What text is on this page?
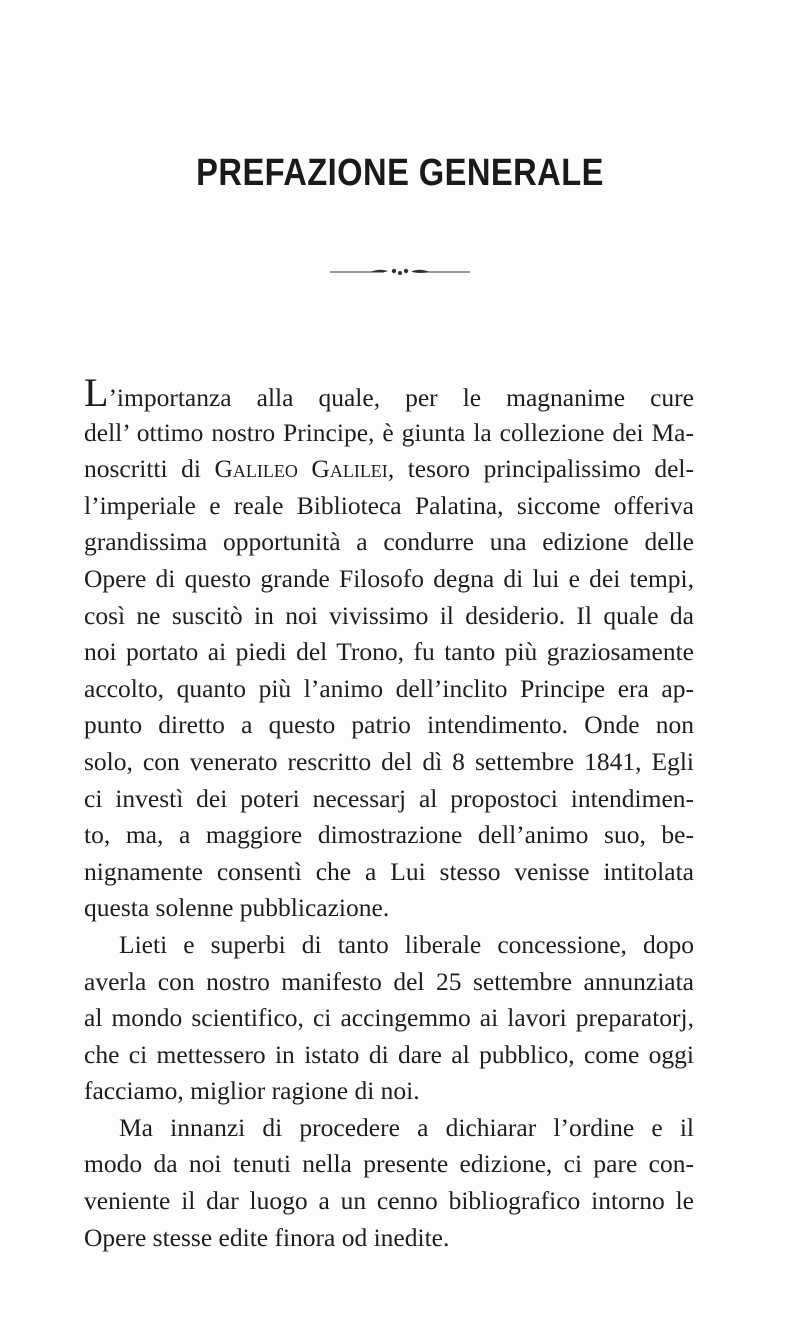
PREFAZIONE GENERALE
L’importanza alla quale, per le magnanime cure
dell’ ottimo nostro Principe, è giunta la collezione dei Ma-
noscritti di Galileo Galilei, tesoro principalissimo del-
l’imperiale e reale Biblioteca Palatina, siccome offeriva
grandissima opportunità a condurre una edizione delle
Opere di questo grande Filosofo degna di lui e dei tempi,
così ne suscitò in noi vivissimo il desiderio. Il quale da
noi portato ai piedi del Trono, fu tanto più graziosamente
accolto, quanto più l’animo dell’inclito Principe era ap-
punto diretto a questo patrio intendimento. Onde non
solo, con venerato rescritto del dì 8 settembre 1841, Egli
ci investì dei poteri necessarj al propostoci intendimen-
to, ma, a maggiore dimostrazione dell’animo suo, be-
nignamente consentì che a Lui stesso venisse intitolata
questa solenne pubblicazione.
Lieti e superbi di tanto liberale concessione, dopo
averla con nostro manifesto del 25 settembre annunziata
al mondo scientifico, ci accingemmo ai lavori preparatorj,
che ci mettessero in istato di dare al pubblico, come oggi
facciamo, miglior ragione di noi.
Ma innanzi di procedere a dichiarar l’ordine e il
modo da noi tenuti nella presente edizione, ci pare con-
veniente il dar luogo a un cenno bibliografico intorno le
Opere stesse edite finora od inedite.
